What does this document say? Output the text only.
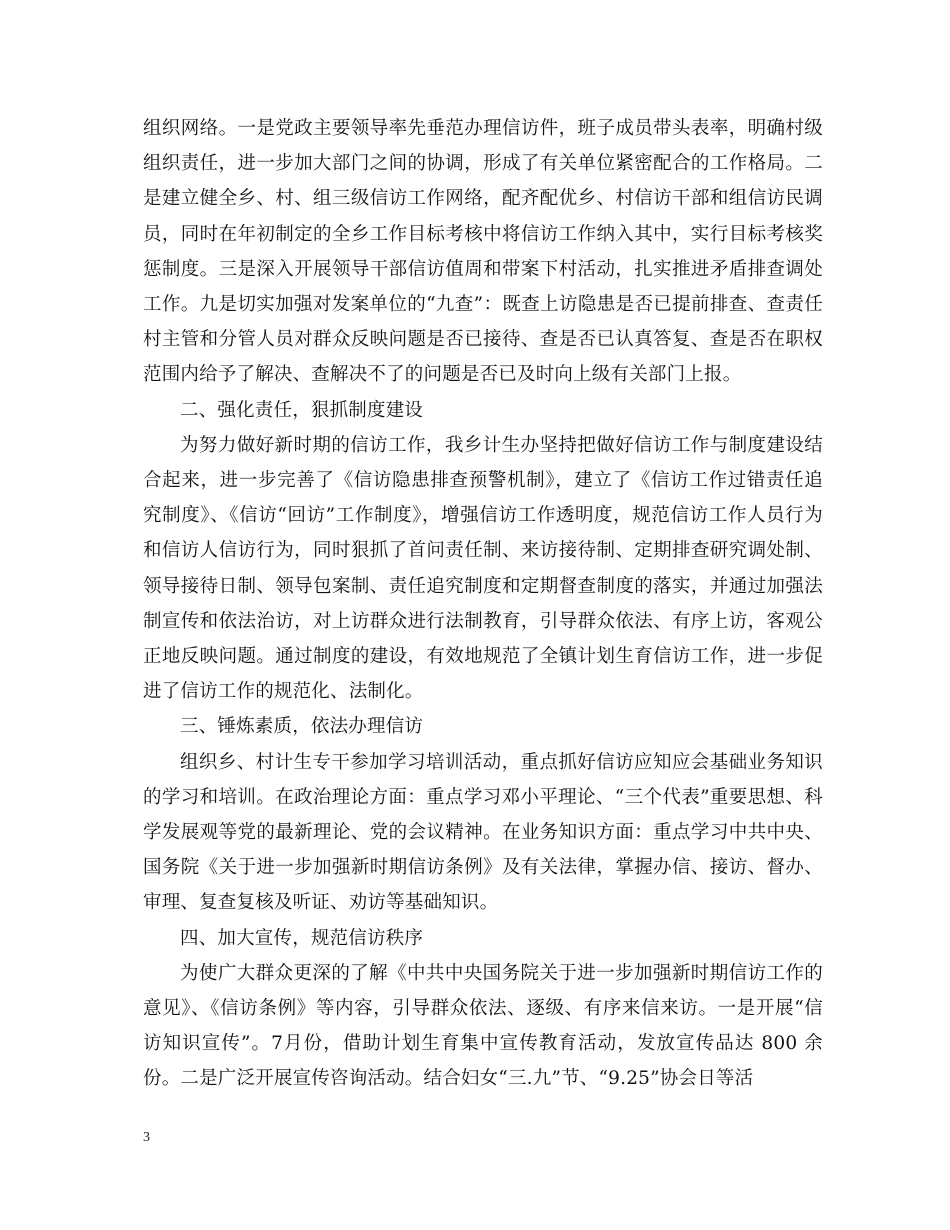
组织网络。一是党政主要领导率先垂范办理信访件，班子成员带头表率，明确村级组织责任，进一步加大部门之间的协调，形成了有关单位紧密配合的工作格局。二是建立健全乡、村、组三级信访工作网络，配齐配优乡、村信访干部和组信访民调员，同时在年初制定的全乡工作目标考核中将信访工作纳入其中，实行目标考核奖惩制度。三是深入开展领导干部信访值周和带案下村活动，扎实推进矛盾排查调处工作。九是切实加强对发案单位的“九查”：既查上访隐患是否已提前排查、查责任村主管和分管人员对群众反映问题是否已接待、查是否已认真答复、查是否在职权范围内给予了解决、查解决不了的问题是否已及时向上级有关部门上报。

二、强化责任，狠抓制度建设

为努力做好新时期的信访工作，我乡计生办坚持把做好信访工作与制度建设结合起来，进一步完善了《信访隐患排查预警机制》，建立了《信访工作过错责任追究制度》、《信访“回访”工作制度》，增强信访工作透明度，规范信访工作人员行为和信访人信访行为，同时狠抓了首问责任制、来访接待制、定期排查研究调处制、领导接待日制、领导包案制、责任追究制度和定期督查制度的落实，并通过加强法制宣传和依法治访，对上访群众进行法制教育，引导群众依法、有序上访，客观公正地反映问题。通过制度的建设，有效地规范了全镇计划生育信访工作，进一步促进了信访工作的规范化、法制化。

三、锤炼素质，依法办理信访

组织乡、村计生专干参加学习培训活动，重点抓好信访应知应会基础业务知识的学习和培训。在政治理论方面：重点学习邓小平理论、“三个代表”重要思想、科学发展观等党的最新理论、党的会议精神。在业务知识方面：重点学习中共中央、国务院《关于进一步加强新时期信访条例》及有关法律，掌握办信、接访、督办、审理、复查复核及听证、劝访等基础知识。

四、加大宣传，规范信访秩序

为使广大群众更深的了解《中共中央国务院关于进一步加强新时期信访工作的意见》、《信访条例》等内容，引导群众依法、逐级、有序来信来访。一是开展“信访知识宣传”。7月份，借助计划生育集中宣传教育活动，发放宣传品达 800 余份。二是广泛开展宣传咨询活动。结合妇女“三.九”节、“9.25”协会日等活

3
